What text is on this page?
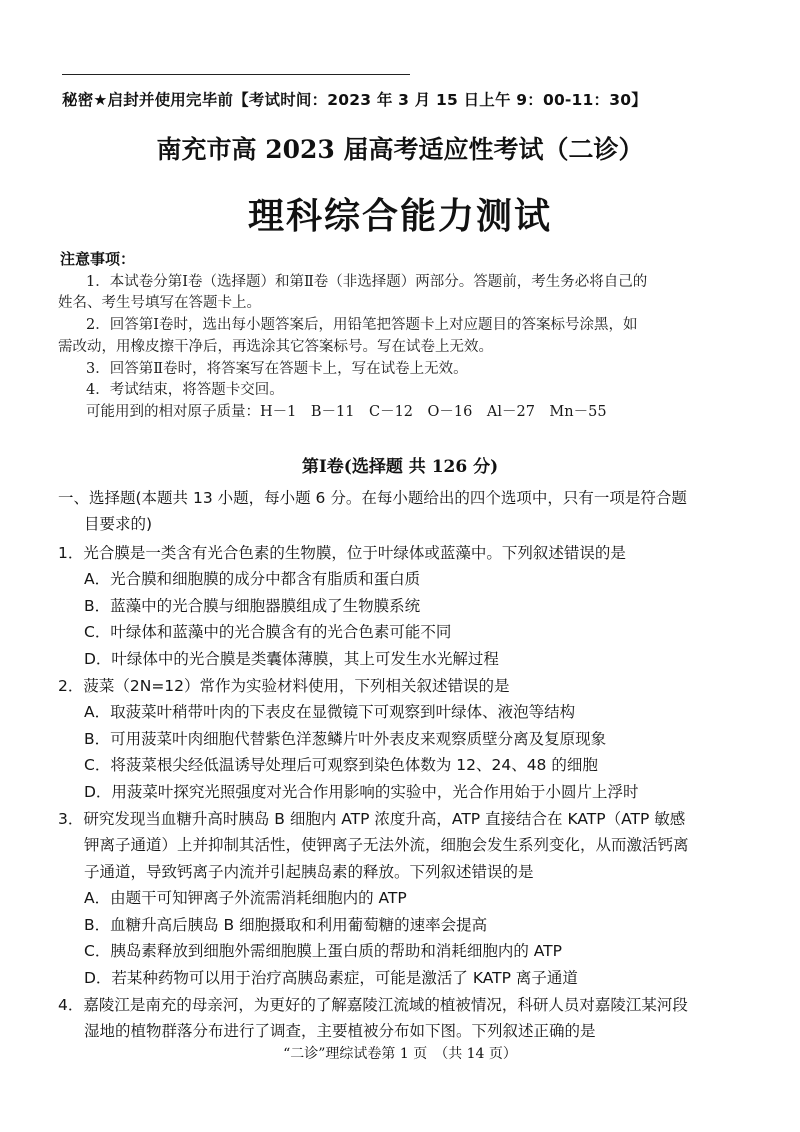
秘密★启封并使用完毕前【考试时间：2023 年 3 月 15 日上午 9：00-11：30】
南充市高 2023 届高考适应性考试（二诊）
理科综合能力测试
注意事项：
1．本试卷分第Ⅰ卷（选择题）和第Ⅱ卷（非选择题）两部分。答题前，考生务必将自己的
姓名、考生号填写在答题卡上。
2．回答第Ⅰ卷时，选出每小题答案后，用铅笔把答题卡上对应题目的答案标号涂黑，如
需改动，用橡皮擦干净后，再选涂其它答案标号。写在试卷上无效。
3．回答第Ⅱ卷时，将答案写在答题卡上，写在试卷上无效。
4．考试结束，将答题卡交回。
可能用到的相对原子质量：H－1　B－11　C－12　O－16　Al－27　Mn－55
第Ⅰ卷(选择题 共 126 分)
一、选择题(本题共 13 小题，每小题 6 分。在每小题给出的四个选项中，只有一项是符合题
目要求的)
1．光合膜是一类含有光合色素的生物膜，位于叶绿体或蓝藻中。下列叙述错误的是
A．光合膜和细胞膜的成分中都含有脂质和蛋白质
B．蓝藻中的光合膜与细胞器膜组成了生物膜系统
C．叶绿体和蓝藻中的光合膜含有的光合色素可能不同
D．叶绿体中的光合膜是类囊体薄膜，其上可发生水光解过程
2．菠菜（2N=12）常作为实验材料使用，下列相关叙述错误的是
A．取菠菜叶稍带叶肉的下表皮在显微镜下可观察到叶绿体、液泡等结构
B．可用菠菜叶肉细胞代替紫色洋葱鳞片叶外表皮来观察质壁分离及复原现象
C．将菠菜根尖经低温诱导处理后可观察到染色体数为 12、24、48 的细胞
D．用菠菜叶探究光照强度对光合作用影响的实验中，光合作用始于小圆片上浮时
3．研究发现当血糖升高时胰岛 B 细胞内 ATP 浓度升高，ATP 直接结合在 KATP（ATP 敏感
钾离子通道）上并抑制其活性，使钾离子无法外流，细胞会发生系列变化，从而激活钙离
子通道，导致钙离子内流并引起胰岛素的释放。下列叙述错误的是
A．由题干可知钾离子外流需消耗细胞内的 ATP
B．血糖升高后胰岛 B 细胞摄取和利用葡萄糖的速率会提高
C．胰岛素释放到细胞外需细胞膜上蛋白质的帮助和消耗细胞内的 ATP
D．若某种药物可以用于治疗高胰岛素症，可能是激活了 KATP 离子通道
4．嘉陵江是南充的母亲河，为更好的了解嘉陵江流域的植被情况，科研人员对嘉陵江某河段
湿地的植物群落分布进行了调查，主要植被分布如下图。下列叙述正确的是
“二诊”理综试卷第 1 页　（共 14 页）
